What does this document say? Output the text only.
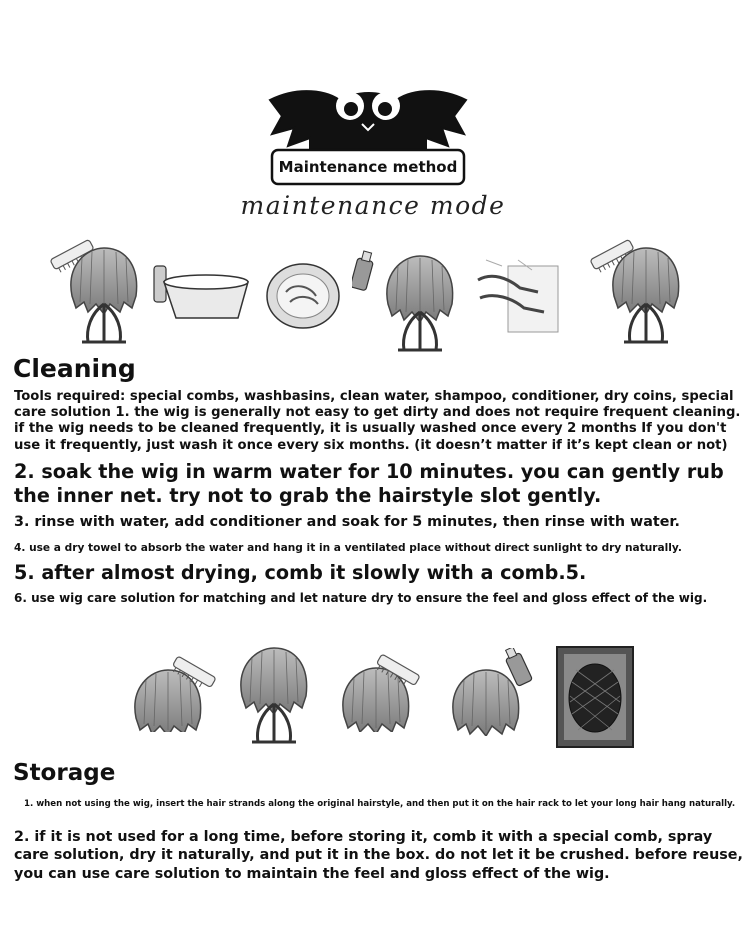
Maintenance method
maintenance mode
Cleaning

Tools required: special combs, washbasins, clean water, shampoo, conditioner, dry coins, special care solution 1. the wig is generally not easy to get dirty and does not require frequent cleaning. if the wig needs to be cleaned frequently, it is usually washed once every 2 months If you don't use it frequently, just wash it once every six months. (it doesn’t matter if it’s kept clean or not)

2. soak the wig in warm water for 10 minutes. you can gently rub the inner net. try not to grab the hairstyle slot gently.

3. rinse with water, add conditioner and soak for 5 minutes, then rinse with water.

4. use a dry towel to absorb the water and hang it in a ventilated place without direct sunlight to dry naturally.

5. after almost drying, comb it slowly with a comb.5.

6. use wig care solution for matching and let nature dry to ensure the feel and gloss effect of the wig.

Storage

1. when not using the wig, insert the hair strands along the original hairstyle, and then put it on the hair rack to let your long hair hang naturally.

2. if it is not used for a long time, before storing it, comb it with a special comb, spray care solution, dry it naturally, and put it in the box. do not let it be crushed. before reuse, you can use care solution to maintain the feel and gloss effect of the wig.
